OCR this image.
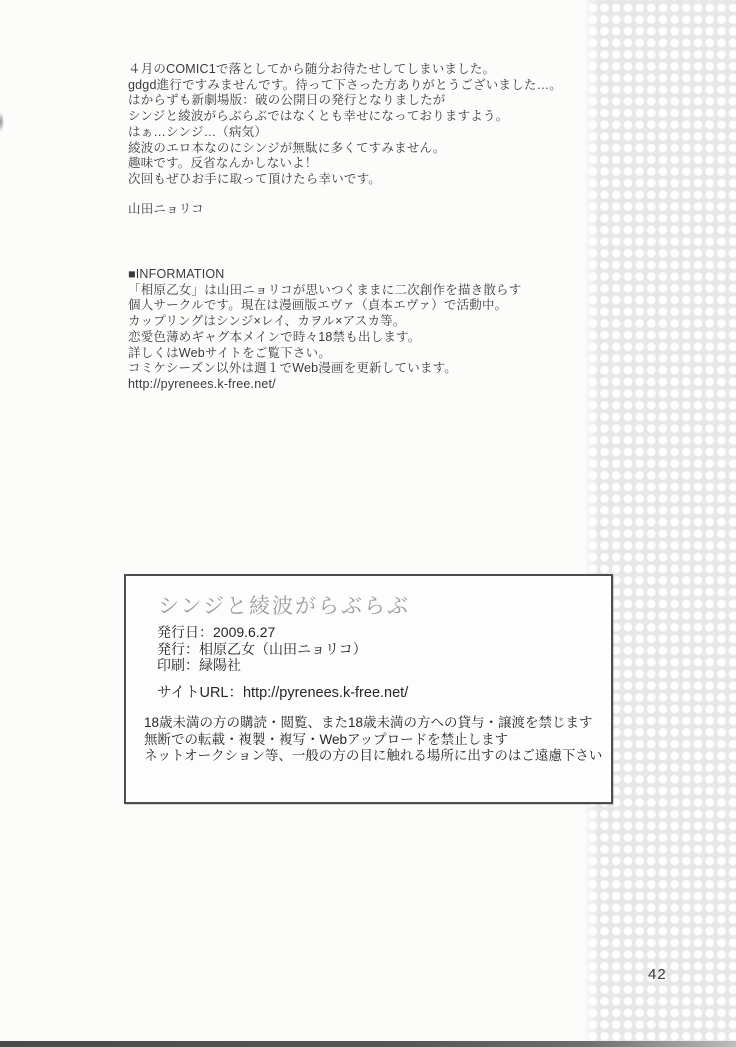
４月のCOMIC1で落としてから随分お待たせしてしまいました。
gdgd進行ですみませんです。待って下さった方ありがとうございました…。
はからずも新劇場版：破の公開日の発行となりましたが
シンジと綾波がらぶらぶではなくとも幸せになっておりますよう。
はぁ…シンジ…（病気）
綾波のエロ本なのにシンジが無駄に多くてすみません。
趣味です。反省なんかしないよ！
次回もぜひお手に取って頂けたら幸いです。
山田ニョリコ
■INFORMATION
「相原乙女」は山田ニョリコが思いつくままに二次創作を描き散らす
個人サークルです。現在は漫画版エヴァ（貞本エヴァ）で活動中。
カップリングはシンジ×レイ、カヲル×アスカ等。
恋愛色薄めギャグ本メインで時々18禁も出します。
詳しくはWebサイトをご覧下さい。
コミケシーズン以外は週１でWeb漫画を更新しています。
http://pyrenees.k-free.net/
シンジと綾波がらぶらぶ
発行日：2009.6.27
発行：相原乙女（山田ニョリコ）
印刷：緑陽社
サイトURL：http://pyrenees.k-free.net/
18歳未満の方の購読・閲覧、また18歳未満の方への貸与・譲渡を禁じます
無断での転載・複製・複写・Webアップロードを禁止します
ネットオークション等、一般の方の目に触れる場所に出すのはご遠慮下さい
42
